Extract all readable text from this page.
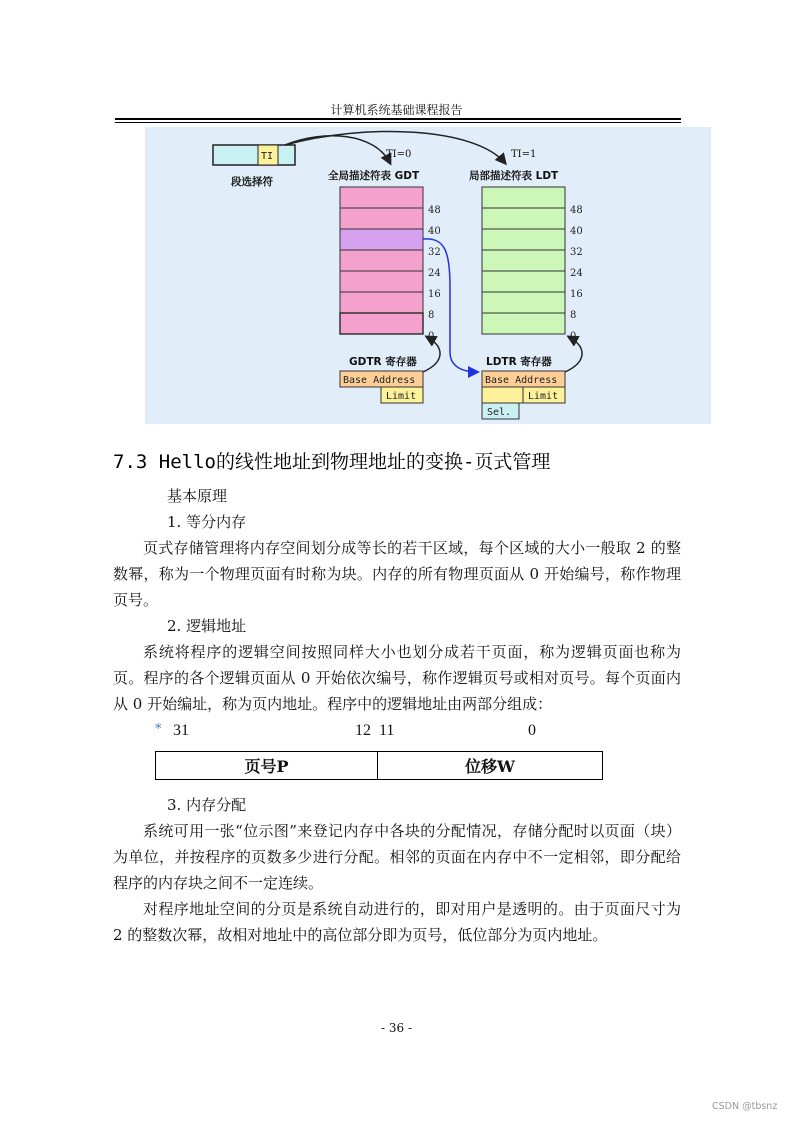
计算机系统基础课程报告
TI
段选择符
TI=0	TI=1
全局描述符表 GDT	局部描述符表 LDT
48
40
32
24
16
8
0
48
40
32
24
16
8
0
GDTR 寄存器
Base Address
Limit
LDTR 寄存器
Base Address
Limit
Sel.
7.3 Hello的线性地址到物理地址的变换-页式管理
基本原理
1. 等分内存
页式存储管理将内存空间划分成等长的若干区域，每个区域的大小一般取 2 的整数幂，称为一个物理页面有时称为块。内存的所有物理页面从 0 开始编号，称作物理页号。
2. 逻辑地址
系统将程序的逻辑空间按照同样大小也划分成若干页面，称为逻辑页面也称为页。程序的各个逻辑页面从 0 开始依次编号，称作逻辑页号或相对页号。每个页面内从 0 开始编址，称为页内地址。程序中的逻辑地址由两部分组成：
* 31	12  11	0
页号P	位移W
3. 内存分配
系统可用一张“位示图”来登记内存中各块的分配情况，存储分配时以页面（块）为单位，并按程序的页数多少进行分配。相邻的页面在内存中不一定相邻，即分配给程序的内存块之间不一定连续。
对程序地址空间的分页是系统自动进行的，即对用户是透明的。由于页面尺寸为 2 的整数次幂，故相对地址中的高位部分即为页号，低位部分为页内地址。
- 36 -
CSDN @tbsnz
